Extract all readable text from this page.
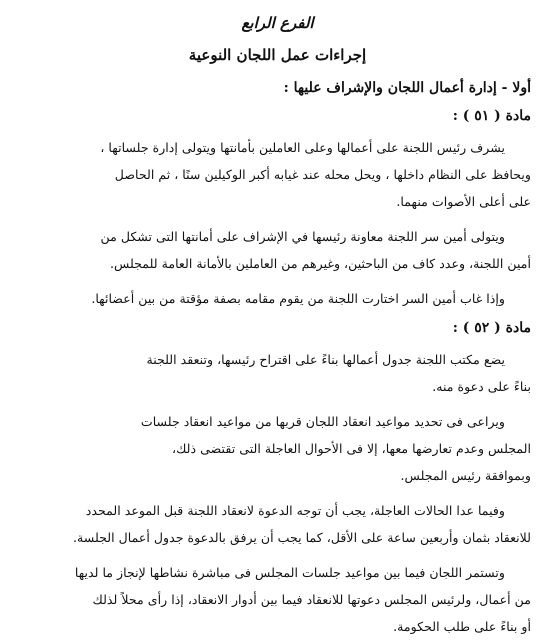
الفرع الرابع
إجراءات عمل اللجان النوعية
أولا - إدارة أعمال اللجان والإشراف عليها :
مادة ( ٥١ ) :
يشرف رئيس اللجنة على أعمالها وعلى العاملين بأمانتها ويتولى إدارة جلساتها ،
ويحافظ على النظام داخلها ، ويحل محله عند غيابه أكبر الوكيلين سنًا ، ثم الحاصل
على أعلى الأصوات منهما.
ويتولى أمين سر اللجنة معاونة رئيسها في الإشراف على أمانتها التى تشكل من
أمين اللجنة، وعدد كاف من الباحثين، وغيرهم من العاملين بالأمانة العامة للمجلس.
وإذا غاب أمين السر اختارت اللجنة من يقوم مقامه بصفة مؤقتة من بين أعضائها.
مادة ( ٥٢ ) :
يضع مكتب اللجنة جدول أعمالها بناءً على اقتراح رئيسها، وتنعقد اللجنة
بناءً على دعوة منه.
ويراعى فى تحديد مواعيد انعقاد اللجان قربها من مواعيد انعقاد جلسات
المجلس وعدم تعارضها معها، إلا فى الأحوال العاجلة التى تقتضى ذلك،
وبموافقة رئيس المجلس.
وفيما عدا الحالات العاجلة، يجب أن توجه الدعوة لانعقاد اللجنة قبل الموعد المحدد
للانعقاد بثمان وأربعين ساعة على الأقل، كما يجب أن يرفق بالدعوة جدول أعمال الجلسة.
وتستمر اللجان فيما بين مواعيد جلسات المجلس فى مباشرة نشاطها لإنجاز ما لديها
من أعمال، ولرئيس المجلس دعوتها للانعقاد فيما بين أدوار الانعقاد، إذا رأى محلاً لذلك
أو بناءً على طلب الحكومة.
